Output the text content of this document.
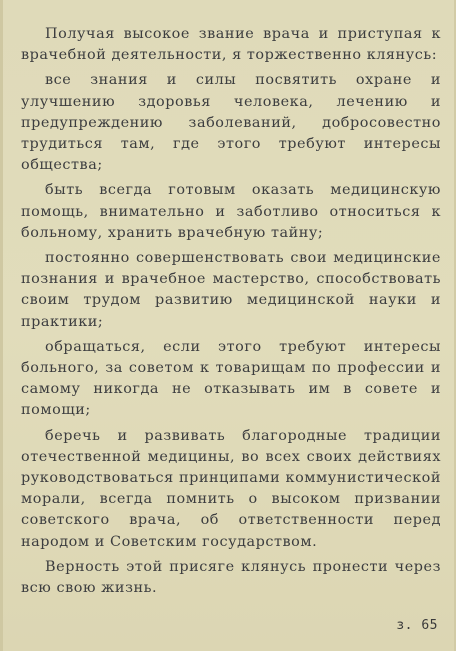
Получая высокое звание врача и приступая к врачебной деятельности, я торжественно клянусь:

все знания и силы посвятить охране и улучшению здоровья человека, лечению и предупреждению заболеваний, добросовестно трудиться там, где этого требуют интересы общества;

быть всегда готовым оказать медицинскую помощь, внимательно и заботливо относиться к больному, хранить врачебную тайну;

постоянно совершенствовать свои медицинские познания и врачебное мастерство, способствовать своим трудом развитию медицинской науки и практики;

обращаться, если этого требуют интересы больного, за советом к товарищам по профессии и самому никогда не отказывать им в совете и помощи;

беречь и развивать благородные традиции отечественной медицины, во всех своих действиях руководствоваться принципами коммунистической морали, всегда помнить о высоком призвании советского врача, об ответственности перед народом и Советским государством.

Верность этой присяге клянусь пронести через всю свою жизнь.

з. 65
